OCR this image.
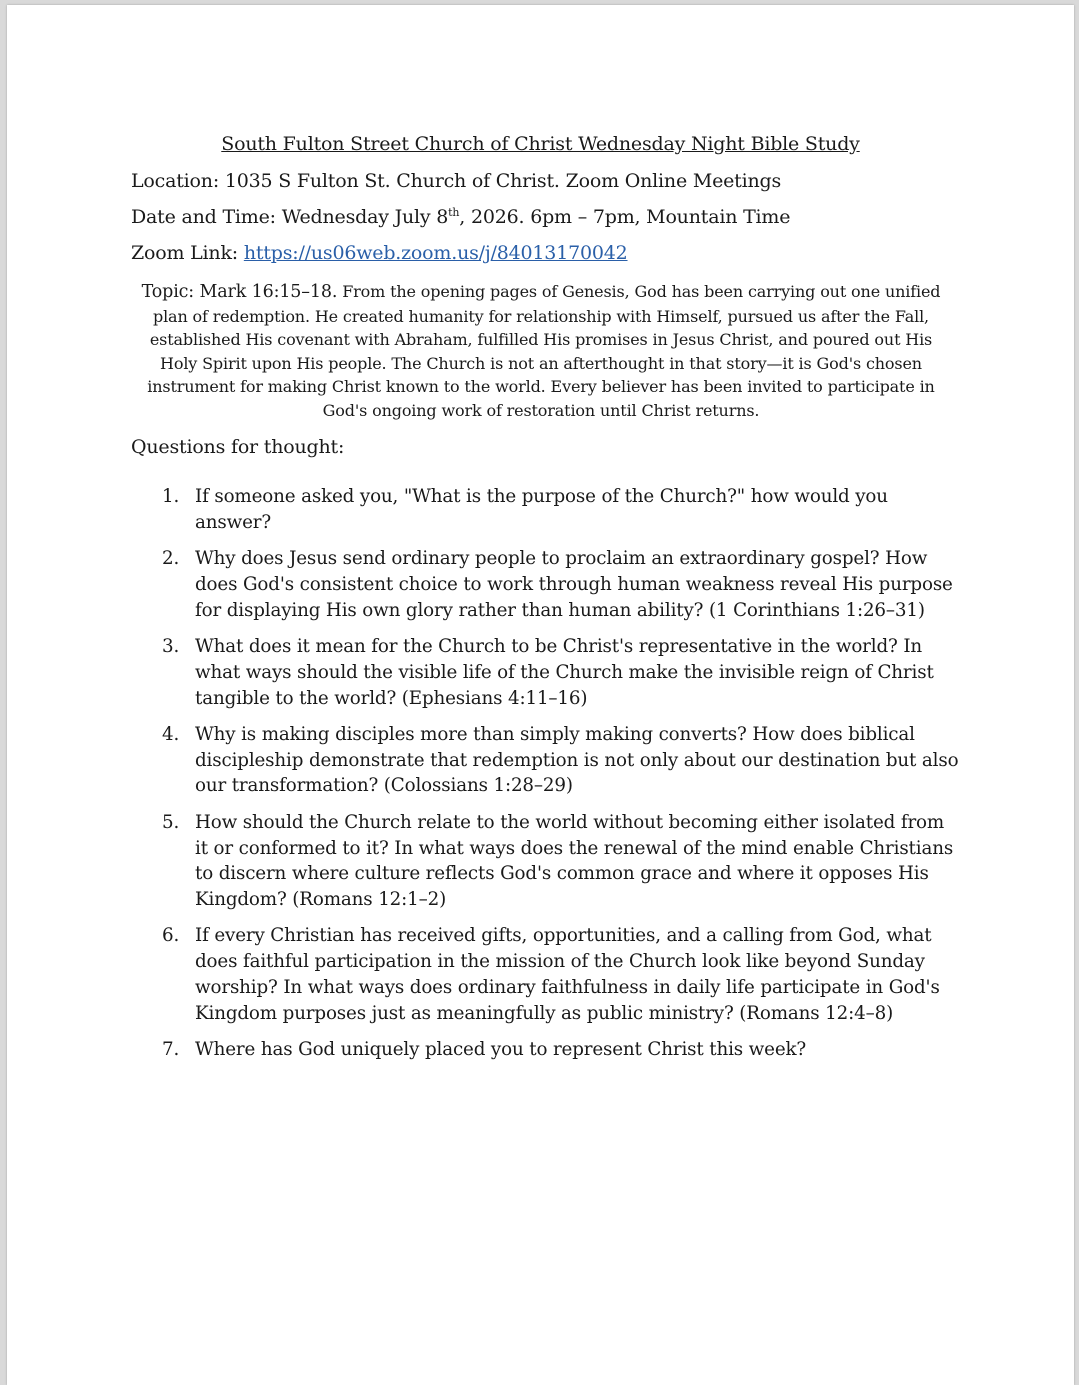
South Fulton Street Church of Christ Wednesday Night Bible Study
Location: 1035 S Fulton St. Church of Christ. Zoom Online Meetings
Date and Time: Wednesday July 8th, 2026. 6pm – 7pm, Mountain Time
Zoom Link: https://us06web.zoom.us/j/84013170042
Topic: Mark 16:15–18. From the opening pages of Genesis, God has been carrying out one unified plan of redemption. He created humanity for relationship with Himself, pursued us after the Fall, established His covenant with Abraham, fulfilled His promises in Jesus Christ, and poured out His Holy Spirit upon His people. The Church is not an afterthought in that story—it is God's chosen instrument for making Christ known to the world. Every believer has been invited to participate in God's ongoing work of restoration until Christ returns.
Questions for thought:
1. If someone asked you, "What is the purpose of the Church?" how would you answer?
2. Why does Jesus send ordinary people to proclaim an extraordinary gospel? How does God's consistent choice to work through human weakness reveal His purpose for displaying His own glory rather than human ability? (1 Corinthians 1:26–31)
3. What does it mean for the Church to be Christ's representative in the world? In what ways should the visible life of the Church make the invisible reign of Christ tangible to the world? (Ephesians 4:11–16)
4. Why is making disciples more than simply making converts? How does biblical discipleship demonstrate that redemption is not only about our destination but also our transformation? (Colossians 1:28–29)
5. How should the Church relate to the world without becoming either isolated from it or conformed to it? In what ways does the renewal of the mind enable Christians to discern where culture reflects God's common grace and where it opposes His Kingdom? (Romans 12:1–2)
6. If every Christian has received gifts, opportunities, and a calling from God, what does faithful participation in the mission of the Church look like beyond Sunday worship? In what ways does ordinary faithfulness in daily life participate in God's Kingdom purposes just as meaningfully as public ministry? (Romans 12:4–8)
7. Where has God uniquely placed you to represent Christ this week?
